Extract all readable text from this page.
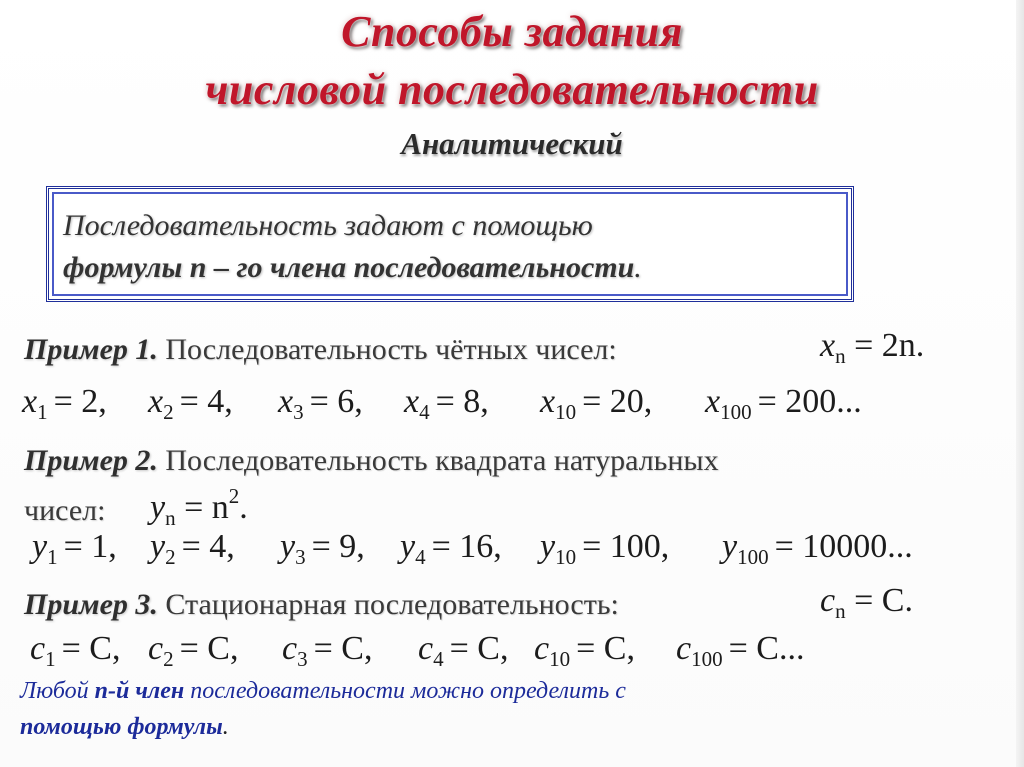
Способы задания
числовой последовательности
Аналитический
Последовательность задают с помощью
формулы n – го члена последовательности.
Пример 1. Последовательность чётных чисел:	$x_n = 2n$.
$x_1 = 2$, $x_2 = 4$, $x_3 = 6$, $x_4 = 8$, $x_{10} = 20$, $x_{100} = 200$...
Пример 2. Последовательность квадрата натуральных
чисел: $y_n = n^2$.
$y_1 = 1$, $y_2 = 4$, $y_3 = 9$, $y_4 = 16$, $y_{10} = 100$, $y_{100} = 10000$...
Пример 3. Стационарная последовательность:	$c_n = C$.
$c_1 = C$, $c_2 = C$, $c_3 = C$, $c_4 = C$, $c_{10} = C$, $c_{100} = C$...
Любой n-й член последовательности можно определить с
помощью формулы.
